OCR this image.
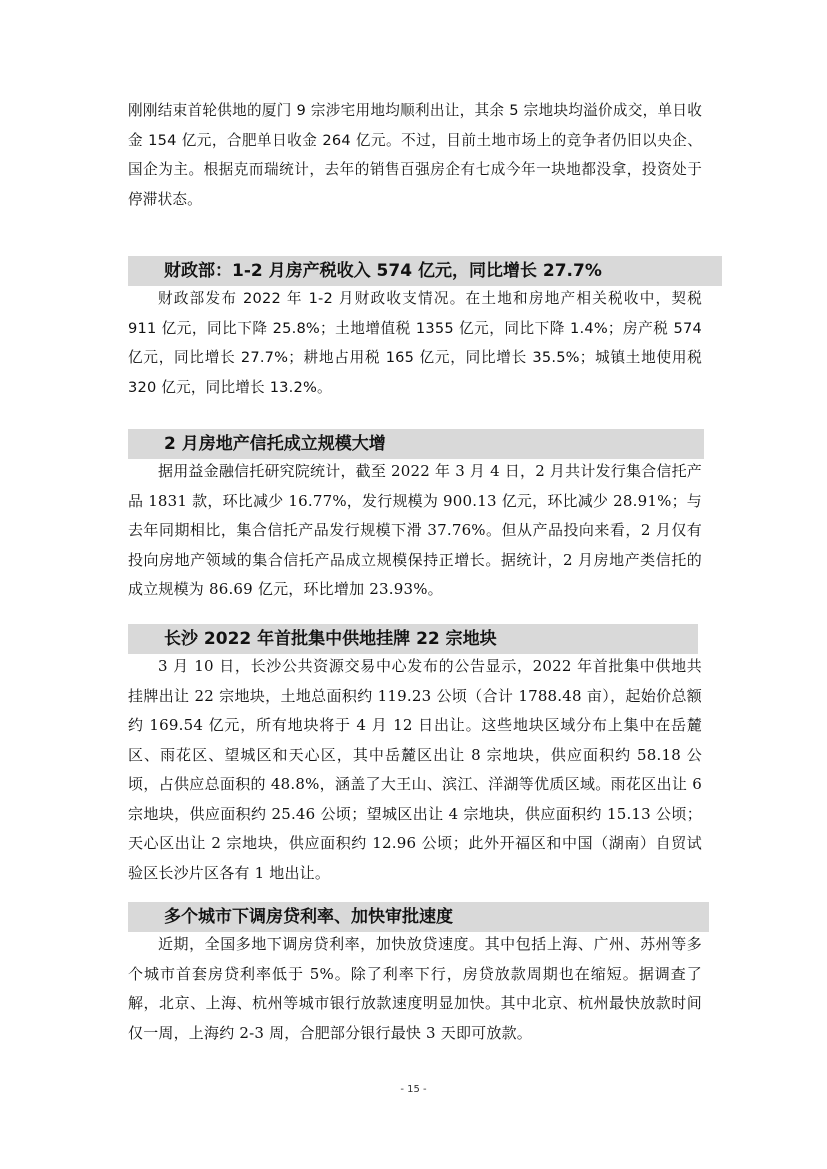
刚刚结束首轮供地的厦门 9 宗涉宅用地均顺利出让，其余 5 宗地块均溢价成交，单日收金 154 亿元，合肥单日收金 264 亿元。不过，目前土地市场上的竞争者仍旧以央企、国企为主。根据克而瑞统计，去年的销售百强房企有七成今年一块地都没拿，投资处于停滞状态。

财政部：1-2 月房产税收入 574 亿元，同比增长 27.7%

财政部发布 2022 年 1-2 月财政收支情况。在土地和房地产相关税收中，契税 911 亿元，同比下降 25.8%；土地增值税 1355 亿元，同比下降 1.4%；房产税 574 亿元，同比增长 27.7%；耕地占用税 165 亿元，同比增长 35.5%；城镇土地使用税 320 亿元，同比增长 13.2%。

2 月房地产信托成立规模大增

据用益金融信托研究院统计，截至 2022 年 3 月 4 日，2 月共计发行集合信托产品 1831 款，环比减少 16.77%，发行规模为 900.13 亿元，环比减少 28.91%；与去年同期相比，集合信托产品发行规模下滑 37.76%。但从产品投向来看，2 月仅有投向房地产领域的集合信托产品成立规模保持正增长。据统计，2 月房地产类信托的成立规模为 86.69 亿元，环比增加 23.93%。

长沙 2022 年首批集中供地挂牌 22 宗地块

3 月 10 日，长沙公共资源交易中心发布的公告显示，2022 年首批集中供地共挂牌出让 22 宗地块，土地总面积约 119.23 公顷（合计 1788.48 亩），起始价总额约 169.54 亿元，所有地块将于 4 月 12 日出让。这些地块区域分布上集中在岳麓区、雨花区、望城区和天心区，其中岳麓区出让 8 宗地块，供应面积约 58.18 公顷，占供应总面积的 48.8%，涵盖了大王山、滨江、洋湖等优质区域。雨花区出让 6 宗地块，供应面积约 25.46 公顷；望城区出让 4 宗地块，供应面积约 15.13 公顷；天心区出让 2 宗地块，供应面积约 12.96 公顷；此外开福区和中国（湖南）自贸试验区长沙片区各有 1 地出让。

多个城市下调房贷利率、加快审批速度

近期，全国多地下调房贷利率，加快放贷速度。其中包括上海、广州、苏州等多个城市首套房贷利率低于 5%。除了利率下行，房贷放款周期也在缩短。据调查了解，北京、上海、杭州等城市银行放款速度明显加快。其中北京、杭州最快放款时间仅一周，上海约 2-3 周，合肥部分银行最快 3 天即可放款。

- 15 -
